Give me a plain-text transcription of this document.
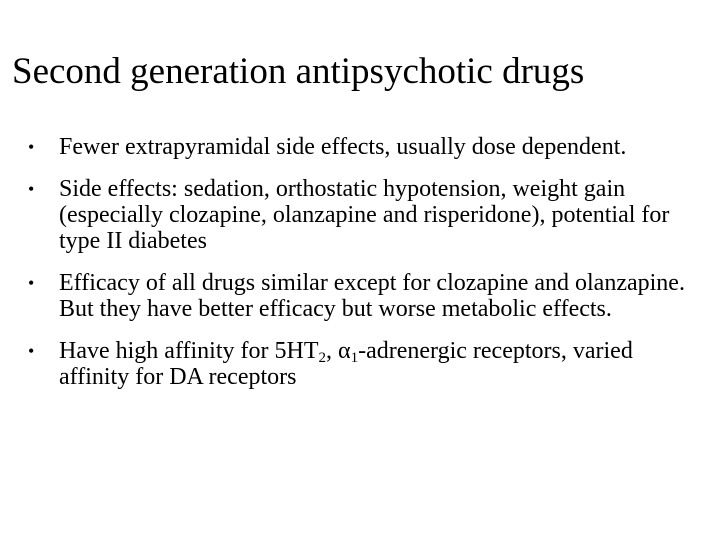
Second generation antipsychotic drugs
• Fewer extrapyramidal side effects, usually dose dependent.
• Side effects: sedation, orthostatic hypotension, weight gain (especially clozapine, olanzapine and risperidone), potential for type II diabetes
• Efficacy of all drugs similar except for clozapine and olanzapine. But they have better efficacy but worse metabolic effects.
• Have high affinity for $5HT_2$, $\alpha_1$-adrenergic receptors, varied affinity for DA receptors
